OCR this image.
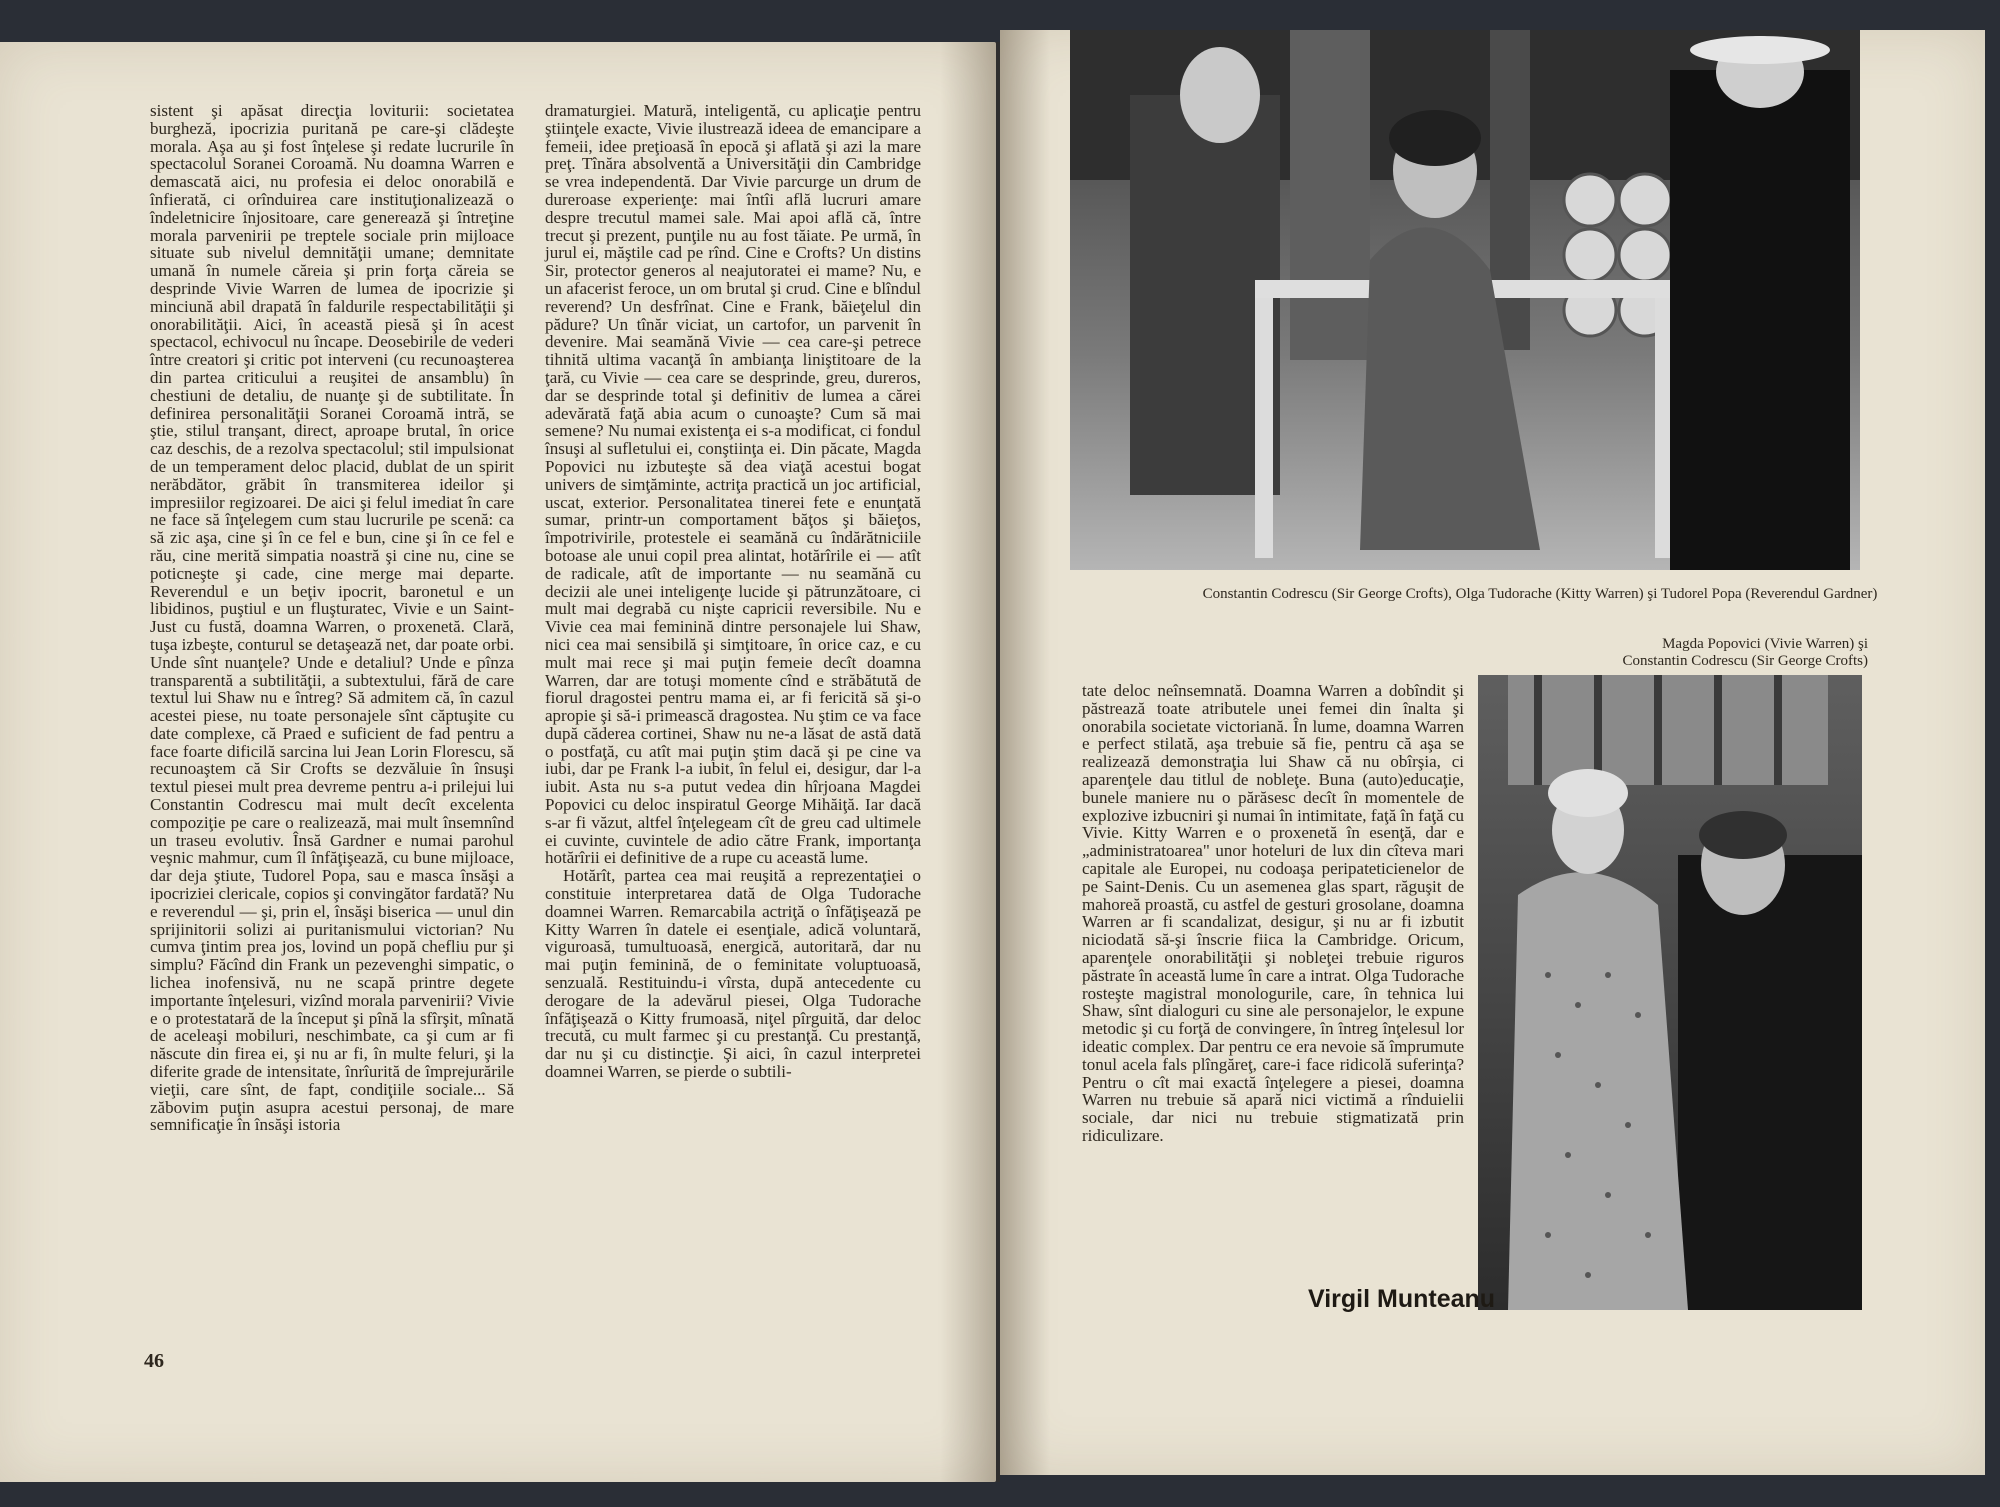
sistent şi apăsat direcţia loviturii: societatea burgheză, ipocrizia puritană pe care-şi clădeşte morala. Aşa au şi fost înţelese şi redate lucrurile în spectacolul Soranei Coroamă. Nu doamna Warren e demascată aici, nu profesia ei deloc onorabilă e înfierată, ci orînduirea care instituţionalizează o îndeletnicire înjositoare, care generează şi întreţine morala parvenirii pe treptele sociale prin mijloace situate sub nivelul demnităţii umane; demnitate umană în numele căreia şi prin forţa căreia se desprinde Vivie Warren de lumea de ipocrizie şi minciună abil drapată în faldurile respectabilităţii şi onorabilităţii. Aici, în această piesă şi în acest spectacol, echivocul nu încape. Deosebirile de vederi între creatori şi critic pot interveni (cu recunoaşterea din partea criticului a reuşitei de ansamblu) în chestiuni de detaliu, de nuanţe şi de subtilitate. În definirea personalităţii Soranei Coroamă intră, se ştie, stilul tranşant, direct, aproape brutal, în orice caz deschis, de a rezolva spectacolul; stil impulsionat de un temperament deloc placid, dublat de un spirit nerăbdător, grăbit în transmiterea ideilor şi impresiilor regizoarei. De aici şi felul imediat în care ne face să înţelegem cum stau lucrurile pe scenă: ca să zic aşa, cine şi în ce fel e bun, cine şi în ce fel e rău, cine merită simpatia noastră şi cine nu, cine se poticneşte şi cade, cine merge mai departe. Reverendul e un beţiv ipocrit, baronetul e un libidinos, puştiul e un fluşturatec, Vivie e un Saint-Just cu fustă, doamna Warren, o proxenetă. Clară, tuşa izbeşte, conturul se detaşează net, dar poate orbi. Unde sînt nuanţele? Unde e detaliul? Unde e pînza transparentă a subtilităţii, a subtextului, fără de care textul lui Shaw nu e întreg? Să admitem că, în cazul acestei piese, nu toate personajele sînt căptuşite cu date complexe, că Praed e suficient de fad pentru a face foarte dificilă sarcina lui Jean Lorin Florescu, să recunoaştem că Sir Crofts se dezvăluie în însuşi textul piesei mult prea devreme pentru a-i prilejui lui Constantin Codrescu mai mult decît excelenta compoziţie pe care o realizează, mai mult însemnînd un traseu evolutiv. Însă Gardner e numai parohul veşnic mahmur, cum îl înfăţişează, cu bune mijloace, dar deja ştiute, Tudorel Popa, sau e masca însăşi a ipocriziei clericale, copios şi convingător fardată? Nu e reverendul — şi, prin el, însăşi biserica — unul din sprijinitorii solizi ai puritanismului victorian? Nu cumva ţintim prea jos, lovind un popă chefliu pur şi simplu? Făcînd din Frank un pezevenghi simpatic, o lichea inofensivă, nu ne scapă printre degete importante înţelesuri, vizînd morala parvenirii? Vivie e o protestatară de la început şi pînă la sfîrşit, mînată de aceleaşi mobiluri, neschimbate, ca şi cum ar fi născute din firea ei, şi nu ar fi, în multe feluri, şi la diferite grade de intensitate, înrîurită de împrejurările vieţii, care sînt, de fapt, condiţiile sociale... Să zăbovim puţin asupra acestui personaj, de mare semnificaţie în însăşi istoria

dramaturgiei. Matură, inteligentă, cu aplicaţie pentru ştiinţele exacte, Vivie ilustrează ideea de emancipare a femeii, idee preţioasă în epocă şi aflată şi azi la mare preţ. Tînăra absolventă a Universităţii din Cambridge se vrea independentă. Dar Vivie parcurge un drum de dureroase experienţe: mai întîi află lucruri amare despre trecutul mamei sale. Mai apoi află că, între trecut şi prezent, punţile nu au fost tăiate. Pe urmă, în jurul ei, măştile cad pe rînd. Cine e Crofts? Un distins Sir, protector generos al neajutoratei ei mame? Nu, e un afacerist feroce, un om brutal şi crud. Cine e blîndul reverend? Un desfrînat. Cine e Frank, băieţelul din pădure? Un tînăr viciat, un cartofor, un parvenit în devenire. Mai seamănă Vivie — cea care-şi petrece tihnită ultima vacanţă în ambianţa liniştitoare de la ţară, cu Vivie — cea care se desprinde, greu, dureros, dar se desprinde total şi definitiv de lumea a cărei adevărată faţă abia acum o cunoaşte? Cum să mai semene? Nu numai existenţa ei s-a modificat, ci fondul însuşi al sufletului ei, conştiinţa ei. Din păcate, Magda Popovici nu izbuteşte să dea viaţă acestui bogat univers de simţăminte, actriţa practică un joc artificial, uscat, exterior. Personalitatea tinerei fete e enunţată sumar, printr-un comportament băţos şi băieţos, împotrivirile, protestele ei seamănă cu îndărătniciile botoase ale unui copil prea alintat, hotărîrile ei — atît de radicale, atît de importante — nu seamănă cu decizii ale unei inteligenţe lucide şi pătrunzătoare, ci mult mai degrabă cu nişte capricii reversibile. Nu e Vivie cea mai feminină dintre personajele lui Shaw, nici cea mai sensibilă şi simţitoare, în orice caz, e cu mult mai rece şi mai puţin femeie decît doamna Warren, dar are totuşi momente cînd e străbătută de fiorul dragostei pentru mama ei, ar fi fericită să şi-o apropie şi să-i primească dragostea. Nu ştim ce va face după căderea cortinei, Shaw nu ne-a lăsat de astă dată o postfaţă, cu atît mai puţin ştim dacă şi pe cine va iubi, dar pe Frank l-a iubit, în felul ei, desigur, dar l-a iubit. Asta nu s-a putut vedea din hîrjoana Magdei Popovici cu deloc inspiratul George Mihăiţă. Iar dacă s-ar fi văzut, altfel înţelegeam cît de greu cad ultimele ei cuvinte, cuvintele de adio către Frank, importanţa hotărîrii ei definitive de a rupe cu această lume.

Hotărît, partea cea mai reuşită a reprezentaţiei o constituie interpretarea dată de Olga Tudorache doamnei Warren. Remarcabila actriţă o înfăţişează pe Kitty Warren în datele ei esenţiale, adică voluntară, viguroasă, tumultuoasă, energică, autoritară, dar nu mai puţin feminină, de o feminitate voluptuoasă, senzuală. Restituindu-i vîrsta, după antecedente cu derogare de la adevărul piesei, Olga Tudorache înfăţişează o Kitty frumoasă, niţel pîrguită, dar deloc trecută, cu mult farmec şi cu prestanţă. Cu prestanţă, dar nu şi cu distincţie. Şi aici, în cazul interpretei doamnei Warren, se pierde o subtili-

46
Constantin Codrescu (Sir George Crofts), Olga Tudorache (Kitty Warren) şi Tudorel Popa (Reverendul Gardner)
Magda Popovici (Vivie Warren) şi Constantin Codrescu (Sir George Crofts)

tate deloc neînsemnată. Doamna Warren a dobîndit şi păstrează toate atributele unei femei din înalta şi onorabila societate victoriană. În lume, doamna Warren e perfect stilată, aşa trebuie să fie, pentru că aşa se realizează demonstraţia lui Shaw că nu obîrşia, ci aparenţele dau titlul de nobleţe. Buna (auto)educaţie, bunele maniere nu o părăsesc decît în momentele de explozive izbucniri şi numai în intimitate, faţă în faţă cu Vivie. Kitty Warren e o proxenetă în esenţă, dar e „administratoarea" unor hoteluri de lux din cîteva mari capitale ale Europei, nu codoaşa peripateticienelor de pe Saint-Denis. Cu un asemenea glas spart, răguşit de mahoreă proastă, cu astfel de gesturi grosolane, doamna Warren ar fi scandalizat, desigur, şi nu ar fi izbutit niciodată să-şi înscrie fiica la Cambridge. Oricum, aparenţele onorabilităţii şi nobleţei trebuie riguros păstrate în această lume în care a intrat. Olga Tudorache rosteşte magistral monologurile, care, în tehnica lui Shaw, sînt dialoguri cu sine ale personajelor, le expune metodic şi cu forţă de convingere, în întreg înţelesul lor ideatic complex. Dar pentru ce era nevoie să împrumute tonul acela fals plîngăreţ, care-i face ridicolă suferinţa? Pentru o cît mai exactă înţelegere a piesei, doamna Warren nu trebuie să apară nici victimă a rînduielii sociale, dar nici nu trebuie stigmatizată prin ridiculizare.

Virgil Munteanu
